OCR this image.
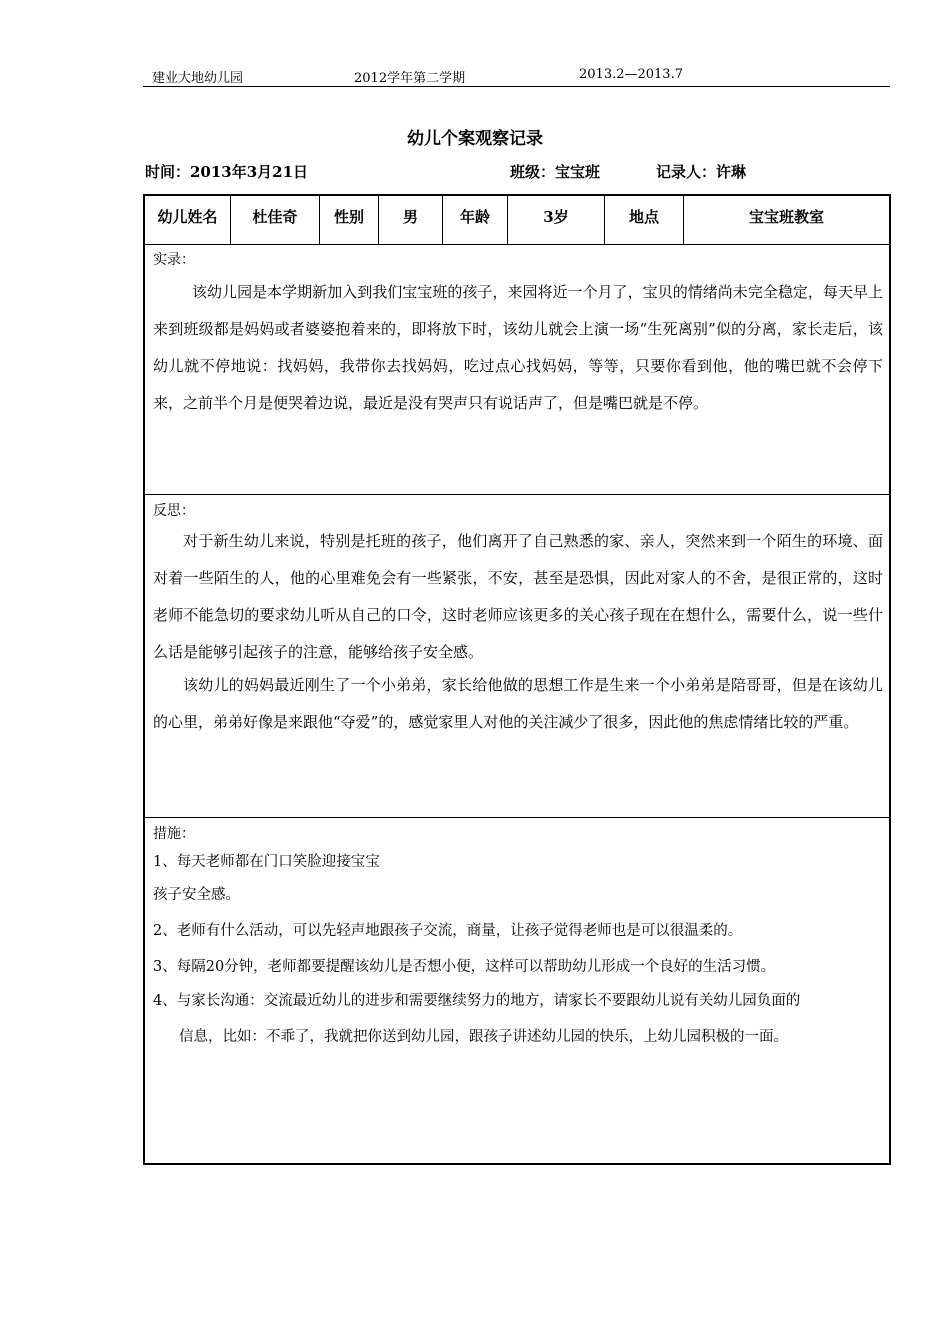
建业大地幼儿园	2012学年第二学期	2013.2—2013.7
幼儿个案观察记录
时间：2013年3月21日	班级：宝宝班	记录人：许琳
幼儿姓名	杜佳奇	性别	男	年龄	3岁	地点	宝宝班教室
实录：
该幼儿园是本学期新加入到我们宝宝班的孩子，来园将近一个月了，宝贝的情绪尚未完全稳定，每天早上来到班级都是妈妈或者婆婆抱着来的，即将放下时，该幼儿就会上演一场“生死离别”似的分离，家长走后，该幼儿就不停地说：找妈妈，我带你去找妈妈，吃过点心找妈妈，等等，只要你看到他，他的嘴巴就不会停下来，之前半个月是便哭着边说，最近是没有哭声只有说话声了，但是嘴巴就是不停。
反思：
对于新生幼儿来说，特别是托班的孩子，他们离开了自己熟悉的家、亲人，突然来到一个陌生的环境、面对着一些陌生的人，他的心里难免会有一些紧张，不安，甚至是恐惧，因此对家人的不舍，是很正常的，这时老师不能急切的要求幼儿听从自己的口令，这时老师应该更多的关心孩子现在在想什么，需要什么，说一些什么话是能够引起孩子的注意，能够给孩子安全感。
该幼儿的妈妈最近刚生了一个小弟弟，家长给他做的思想工作是生来一个小弟弟是陪哥哥，但是在该幼儿的心里，弟弟好像是来跟他“夺爱”的，感觉家里人对他的关注减少了很多，因此他的焦虑情绪比较的严重。
措施：
1、每天老师都在门口笑脸迎接宝宝
孩子安全感。
2、老师有什么活动，可以先轻声地跟孩子交流，商量，让孩子觉得老师也是可以很温柔的。
3、每隔20分钟，老师都要提醒该幼儿是否想小便，这样可以帮助幼儿形成一个良好的生活习惯。
4、与家长沟通：交流最近幼儿的进步和需要继续努力的地方，请家长不要跟幼儿说有关幼儿园负面的
信息，比如：不乖了，我就把你送到幼儿园，跟孩子讲述幼儿园的快乐，上幼儿园积极的一面。
